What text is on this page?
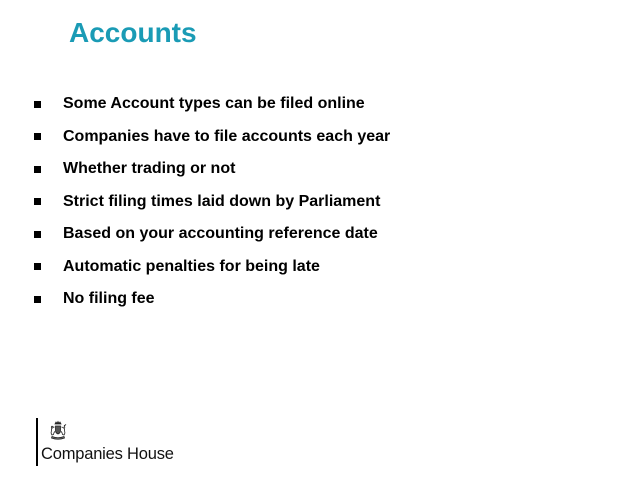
Accounts
Some Account types can be filed online
Companies have to file accounts each year
Whether trading or not
Strict filing times laid down by Parliament
Based on your accounting reference date
Automatic penalties for being late
No filing fee
Companies House
